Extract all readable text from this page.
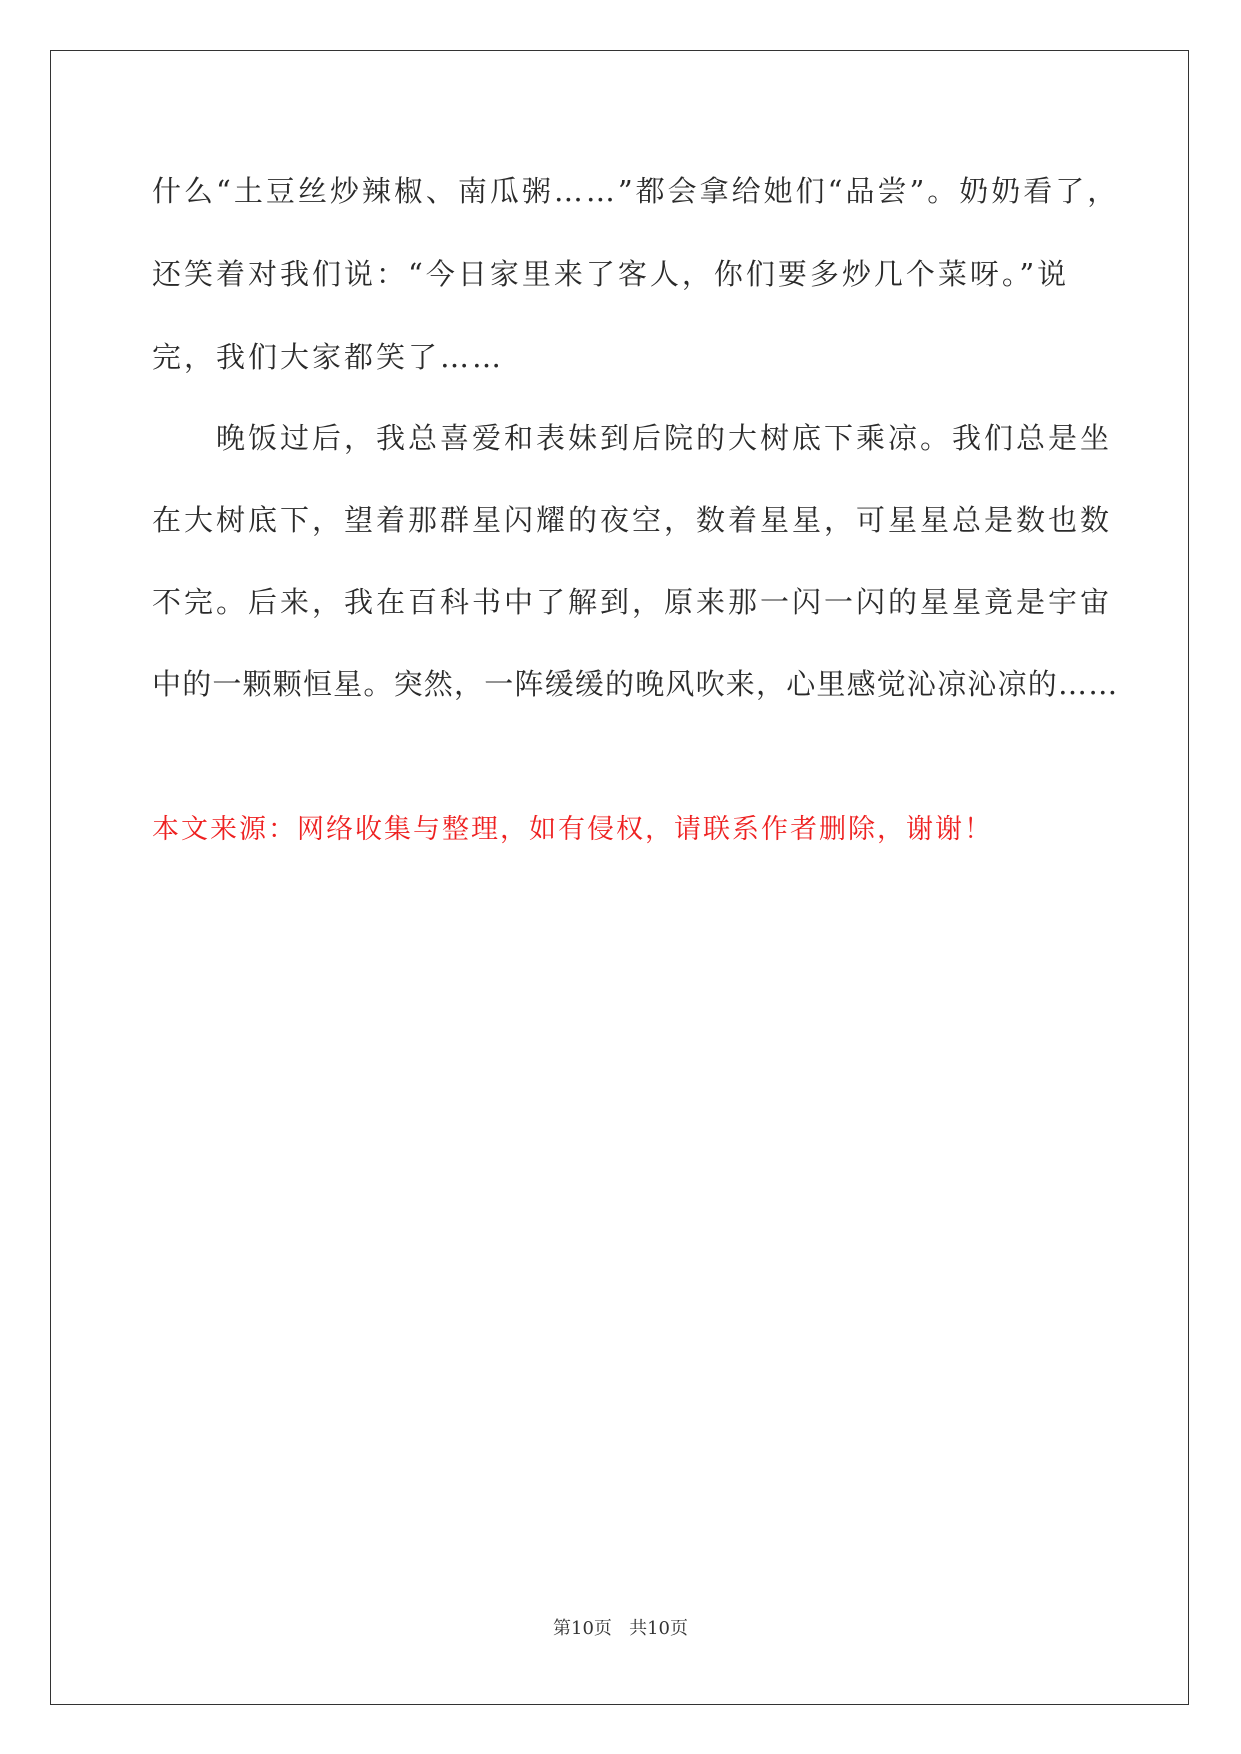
什么“土豆丝炒辣椒、南瓜粥……”都会拿给她们“品尝”。奶奶看了，
还笑着对我们说：“今日家里来了客人，你们要多炒几个菜呀。”说
完，我们大家都笑了……
晚饭过后，我总喜爱和表妹到后院的大树底下乘凉。我们总是坐
在大树底下，望着那群星闪耀的夜空，数着星星，可星星总是数也数
不完。后来，我在百科书中了解到，原来那一闪一闪的星星竟是宇宙
中的一颗颗恒星。突然，一阵缓缓的晚风吹来，心里感觉沁凉沁凉的……
本文来源：网络收集与整理，如有侵权，请联系作者删除，谢谢！
第10页   共10页
